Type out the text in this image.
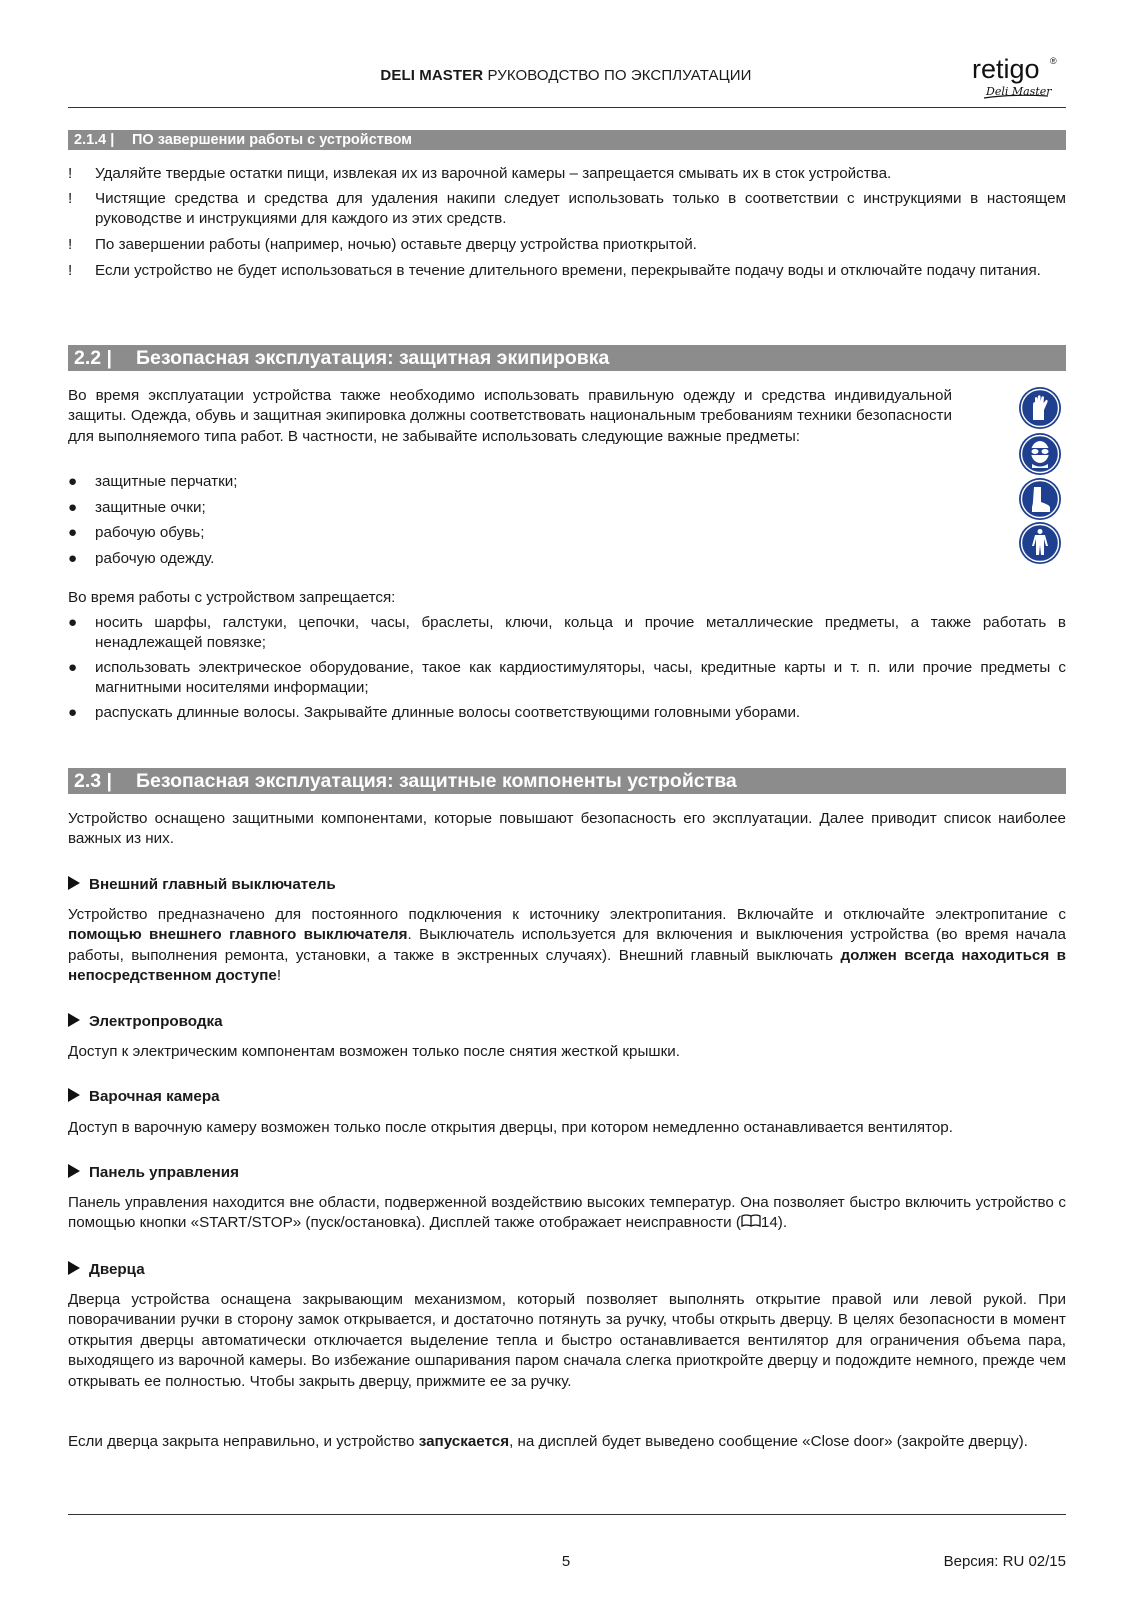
DELI MASTER РУКОВОДСТВО ПО ЭКСПЛУАТАЦИИ	retigo ®
Deli Master
2.1.4 | ПО завершении работы с устройством
!	Удаляйте твердые остатки пищи, извлекая их из варочной камеры – запрещается смывать их в сток устройства.
!	Чистящие средства и средства для удаления накипи следует использовать только в соответствии с инструкциями в настоящем руководстве и инструкциями для каждого из этих средств.
!	По завершении работы (например, ночью) оставьте дверцу устройства приоткрытой.
!	Если устройство не будет использоваться в течение длительного времени, перекрывайте подачу воды и отключайте подачу питания.
2.2 | Безопасная эксплуатация: защитная экипировка
Во время эксплуатации устройства также необходимо использовать правильную одежду и средства индивидуальной защиты. Одежда, обувь и защитная экипировка должны соответствовать национальным требованиям техники безопасности для выполняемого типа работ. В частности, не забывайте использовать следующие важные предметы:
●	защитные перчатки;
●	защитные очки;
●	рабочую обувь;
●	рабочую одежду.
Во время работы с устройством запрещается:
●	носить шарфы, галстуки, цепочки, часы, браслеты, ключи, кольца и прочие металлические предметы, а также работать в ненадлежащей повязке;
●	использовать электрическое оборудование, такое как кардиостимуляторы, часы, кредитные карты и т. п. или прочие предметы с магнитными носителями информации;
●	распускать длинные волосы. Закрывайте длинные волосы соответствующими головными уборами.
2.3 | Безопасная эксплуатация: защитные компоненты устройства
Устройство оснащено защитными компонентами, которые повышают безопасность его эксплуатации. Далее приводит список наиболее важных из них.
Внешний главный выключатель
Устройство предназначено для постоянного подключения к источнику электропитания. Включайте и отключайте электропитание с помощью внешнего главного выключателя. Выключатель используется для включения и выключения устройства (во время начала работы, выполнения ремонта, установки, а также в экстренных случаях). Внешний главный выключать должен всегда находиться в непосредственном доступе!
Электропроводка
Доступ к электрическим компонентам возможен только после снятия жесткой крышки.
Варочная камера
Доступ в варочную камеру возможен только после открытия дверцы, при котором немедленно останавливается вентилятор.
Панель управления
Панель управления находится вне области, подверженной воздействию высоких температур. Она позволяет быстро включить устройство с помощью кнопки «START/STOP» (пуск/остановка). Дисплей также отображает неисправности ( 14).
Дверца
Дверца устройства оснащена закрывающим механизмом, который позволяет выполнять открытие правой или левой рукой. При поворачивании ручки в сторону замок открывается, и достаточно потянуть за ручку, чтобы открыть дверцу. В целях безопасности в момент открытия дверцы автоматически отключается выделение тепла и быстро останавливается вентилятор для ограничения объема пара, выходящего из варочной камеры. Во избежание ошпаривания паром сначала слегка приоткройте дверцу и подождите немного, прежде чем открывать ее полностью. Чтобы закрыть дверцу, прижмите ее за ручку.
Если дверца закрыта неправильно, и устройство запускается, на дисплей будет выведено сообщение «Close door» (закройте дверцу).
5	Версия: RU 02/15
